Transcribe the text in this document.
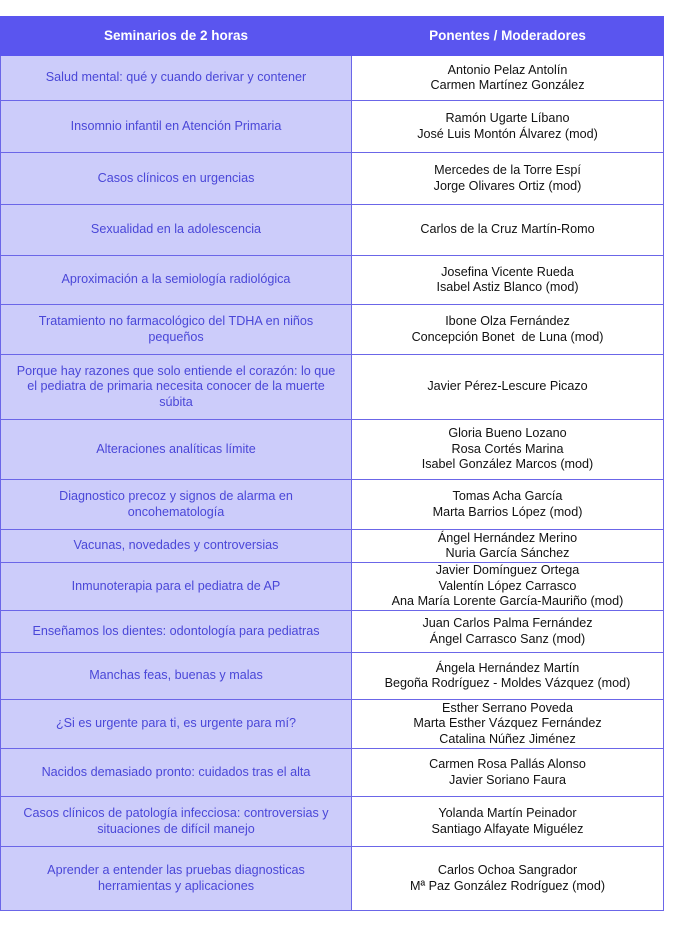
Seminarios de 2 horas	Ponentes / Moderadores

Salud mental: qué y cuando derivar y contener	Antonio Pelaz Antolín
Carmen Martínez González

Insomnio infantil en Atención Primaria	Ramón Ugarte Líbano
José Luis Montón Álvarez (mod)

Casos clínicos en urgencias	Mercedes de la Torre Espí
Jorge Olivares Ortiz (mod)

Sexualidad en la adolescencia	Carlos de la Cruz Martín-Romo

Aproximación a la semiología radiológica	Josefina Vicente Rueda
Isabel Astiz Blanco (mod)

Tratamiento no farmacológico del TDHA en niños
pequeños	Ibone Olza Fernández
Concepción Bonet  de Luna (mod)

Porque hay razones que solo entiende el corazón: lo que
el pediatra de primaria necesita conocer de la muerte
súbita	Javier Pérez-Lescure Picazo

Alteraciones analíticas límite	Gloria Bueno Lozano
Rosa Cortés Marina
Isabel González Marcos (mod)

Diagnostico precoz y signos de alarma en
oncohematología	Tomas Acha García
Marta Barrios López (mod)

Vacunas, novedades y controversias	Ángel Hernández Merino
Nuria García Sánchez

Inmunoterapia para el pediatra de AP	Javier Domínguez Ortega
Valentín López Carrasco
Ana María Lorente García-Mauriño (mod)

Enseñamos los dientes: odontología para pediatras	Juan Carlos Palma Fernández
Ángel Carrasco Sanz (mod)

Manchas feas, buenas y malas	Ángela Hernández Martín
Begoña Rodríguez - Moldes Vázquez (mod)

¿Si es urgente para ti, es urgente para mí?	Esther Serrano Poveda
Marta Esther Vázquez Fernández
Catalina Núñez Jiménez

Nacidos demasiado pronto: cuidados tras el alta	Carmen Rosa Pallás Alonso
Javier Soriano Faura

Casos clínicos de patología infecciosa: controversias y
situaciones de difícil manejo	Yolanda Martín Peinador
Santiago Alfayate Miguélez

Aprender a entender las pruebas diagnosticas
herramientas y aplicaciones	Carlos Ochoa Sangrador
Mª Paz González Rodríguez (mod)
